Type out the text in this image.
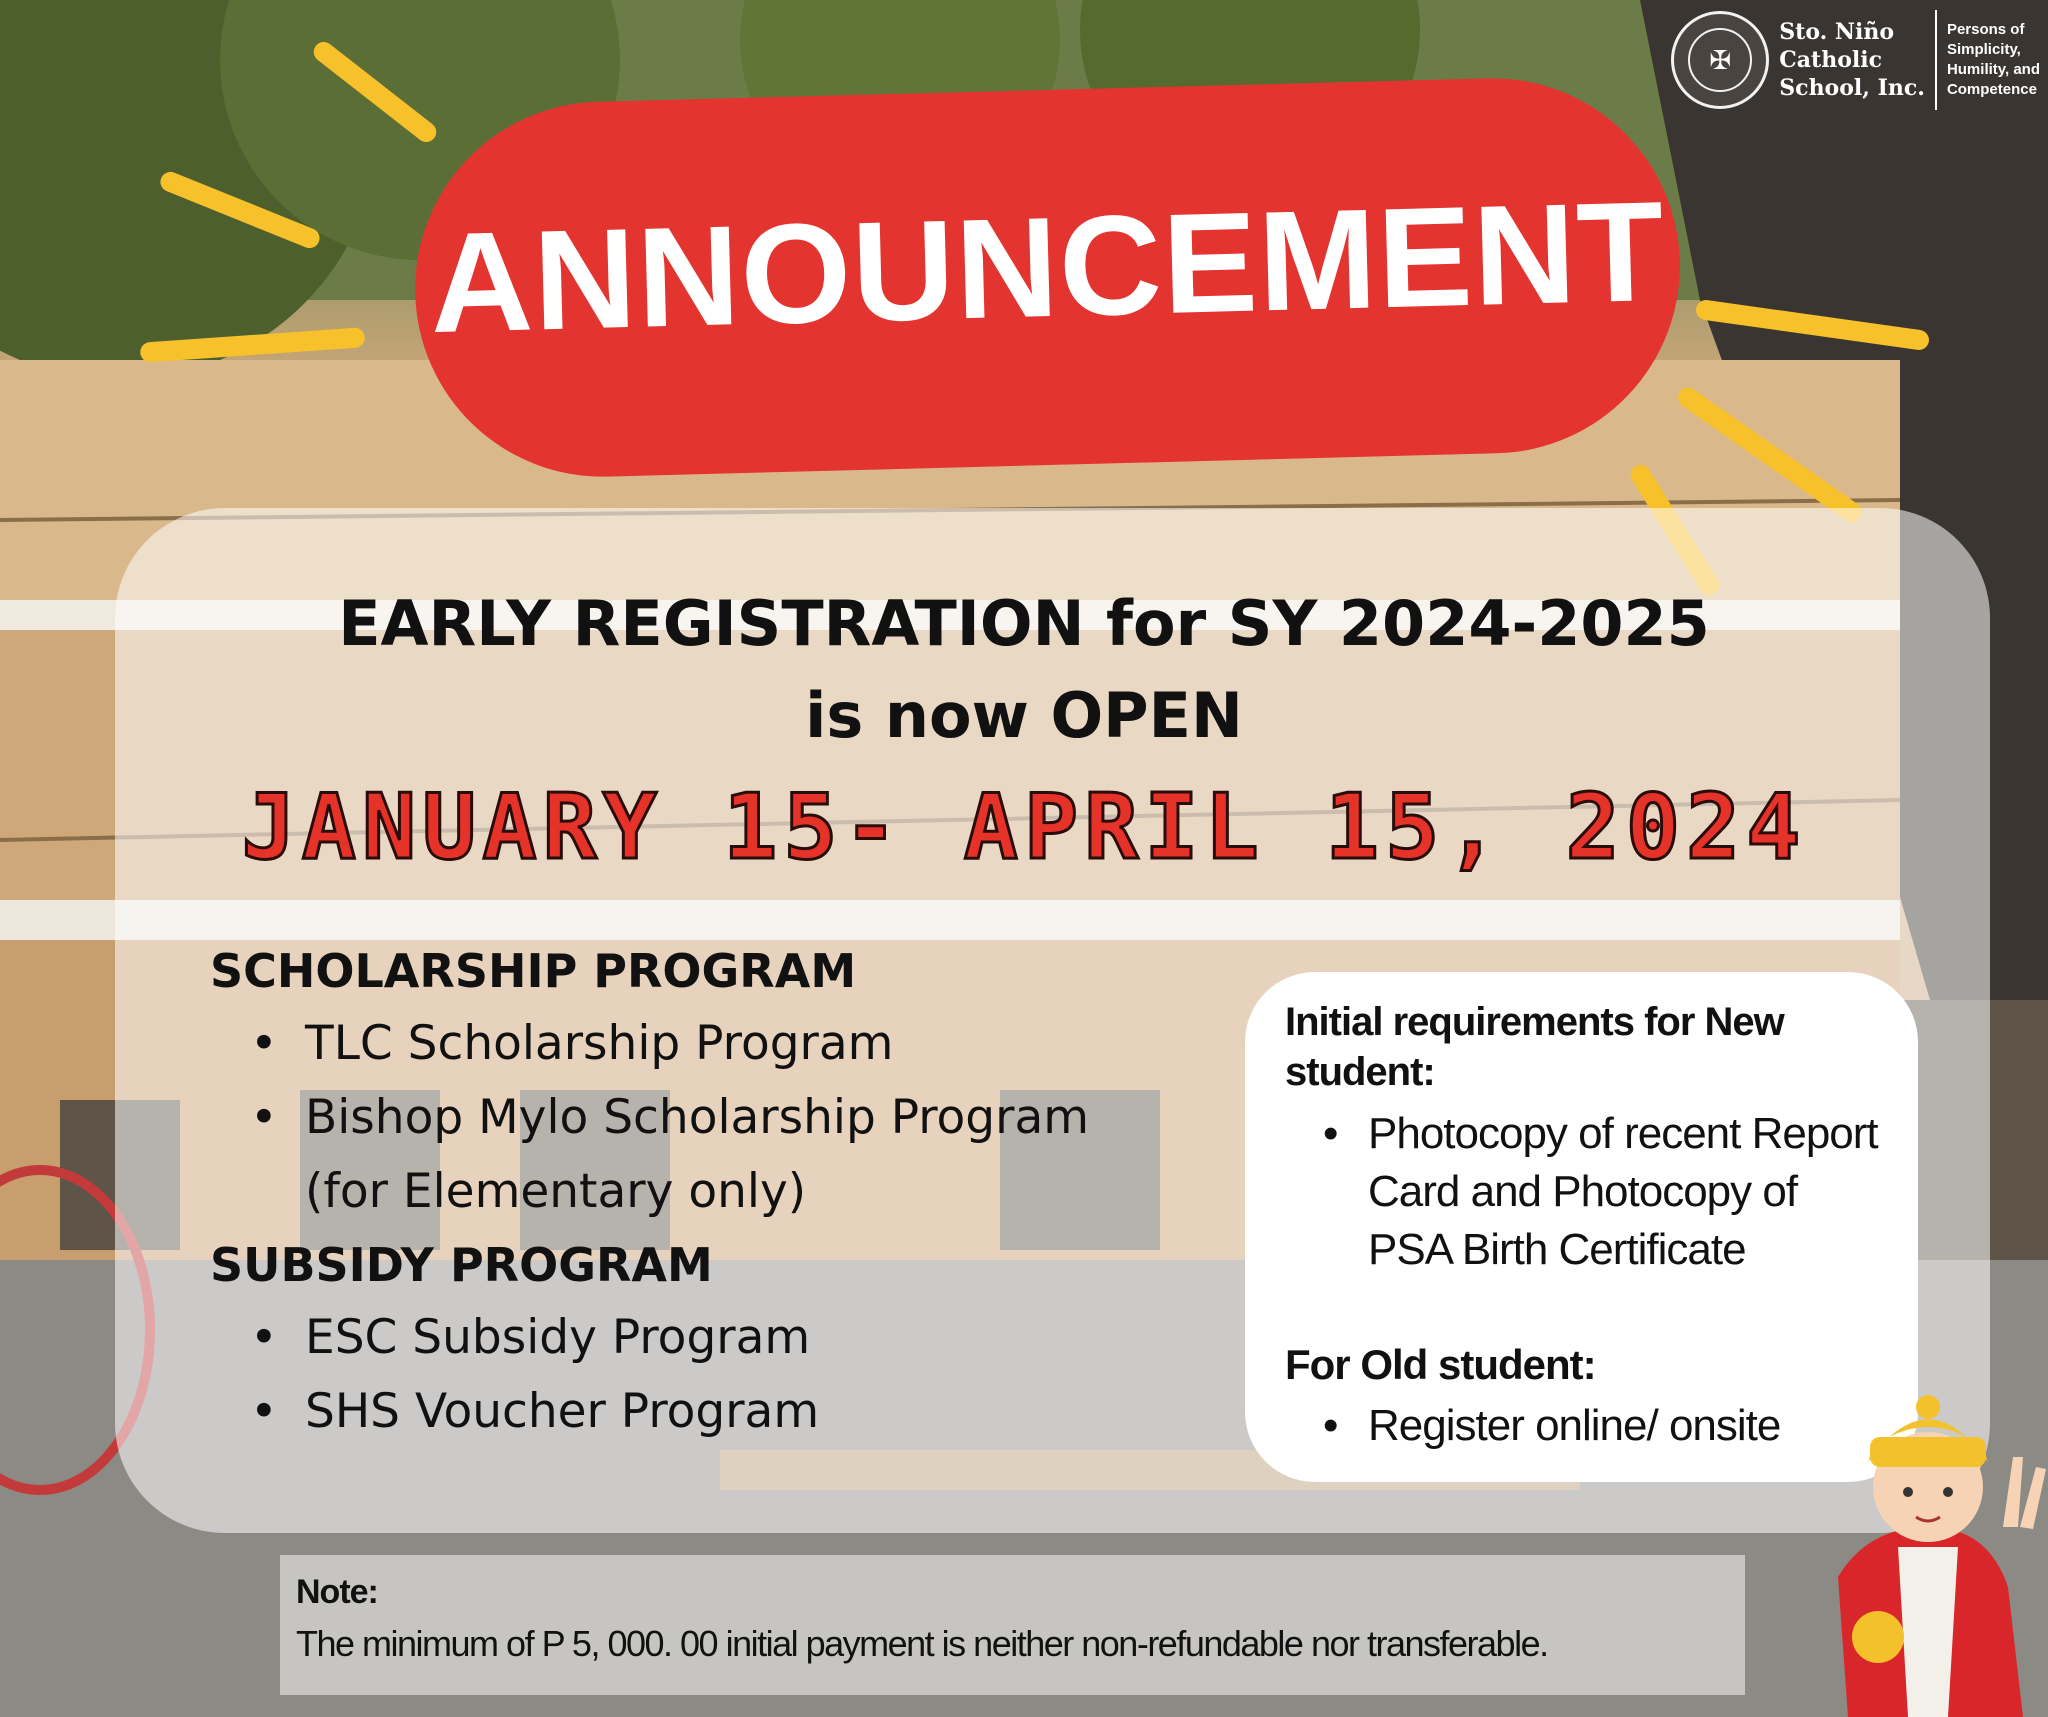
✠
Sto. Niño
Catholic
School, Inc.
Persons of
Simplicity,
Humility, and
Competence
ANNOUNCEMENT
EARLY REGISTRATION for SY 2024-2025
is now OPEN
JANUARY 15- APRIL 15, 2024
SCHOLARSHIP PROGRAM
• TLC Scholarship Program
• Bishop Mylo Scholarship Program
(for Elementary only)
SUBSIDY PROGRAM
• ESC Subsidy Program
• SHS Voucher Program
Initial requirements for New student:
• Photocopy of recent Report Card and Photocopy of PSA Birth Certificate
For Old student:
• Register online/ onsite
Note:
The minimum of P 5, 000. 00 initial payment is neither non-refundable nor transferable.
